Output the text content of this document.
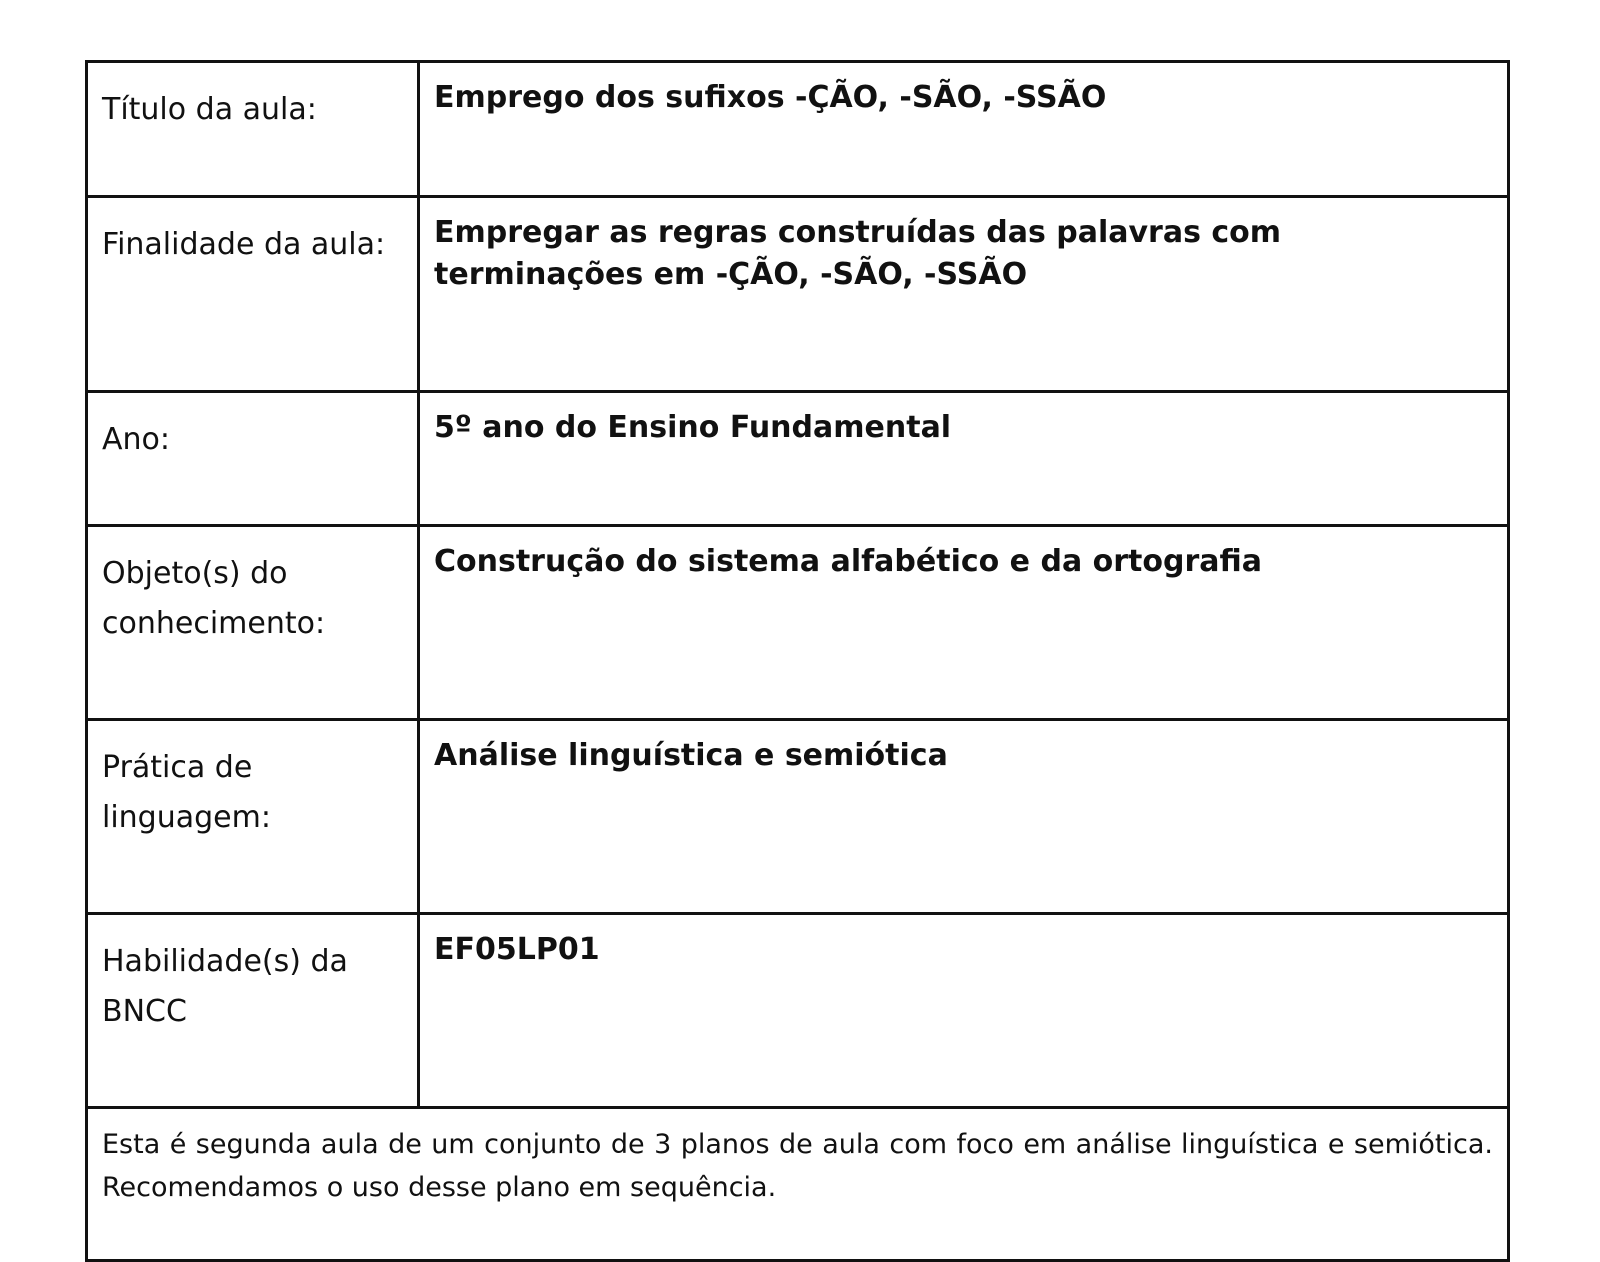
Título da aula:	Emprego dos sufixos -ÇÃO, -SÃO, -SSÃO
Finalidade da aula:	Empregar as regras construídas das palavras com terminações em -ÇÃO, -SÃO, -SSÃO
Ano:	5º ano do Ensino Fundamental
Objeto(s) do conhecimento:	Construção do sistema alfabético e da ortografia
Prática de linguagem:	Análise linguística e semiótica
Habilidade(s) da BNCC	EF05LP01
Esta é segunda aula de um conjunto de 3 planos de aula com foco em análise linguística e semiótica. Recomendamos o uso desse plano em sequência.	
